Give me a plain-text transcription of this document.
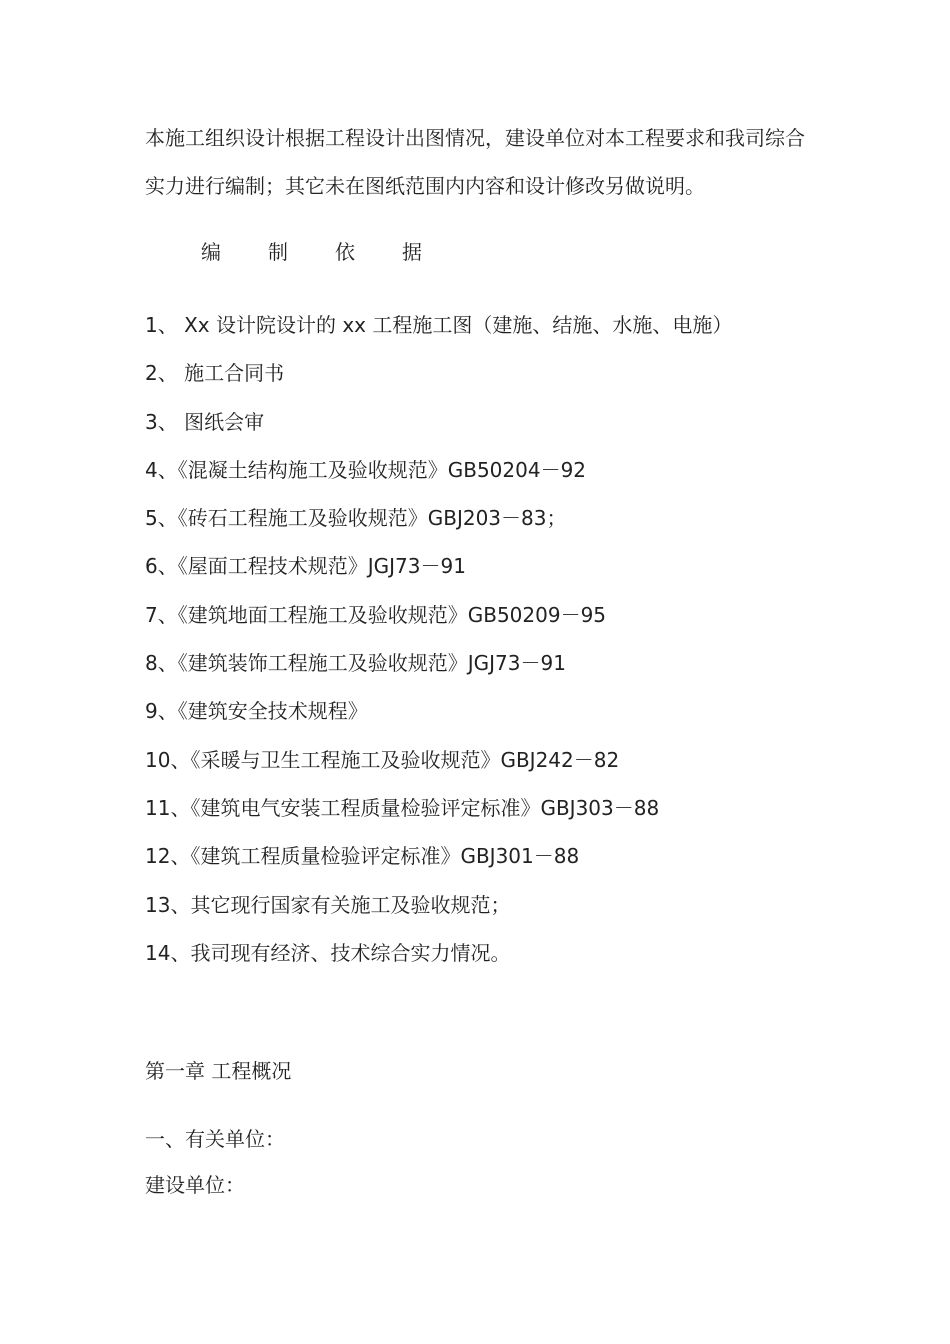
本施工组织设计根据工程设计出图情况，建设单位对本工程要求和我司综合

实力进行编制；其它未在图纸范围内内容和设计修改另做说明。

编 制 依 据
1、 Xx 设计院设计的 xx 工程施工图（建施、结施、水施、电施）
2、 施工合同书
3、 图纸会审
4、《混凝土结构施工及验收规范》GB50204－92
5、《砖石工程施工及验收规范》GBJ203－83；
6、《屋面工程技术规范》JGJ73－91
7、《建筑地面工程施工及验收规范》GB50209－95
8、《建筑装饰工程施工及验收规范》JGJ73－91
9、《建筑安全技术规程》
10、《采暖与卫生工程施工及验收规范》GBJ242－82
11、《建筑电气安装工程质量检验评定标准》GBJ303－88
12、《建筑工程质量检验评定标准》GBJ301－88
13、其它现行国家有关施工及验收规范；
14、我司现有经济、技术综合实力情况。
第一章 工程概况
一、有关单位：
建设单位：
